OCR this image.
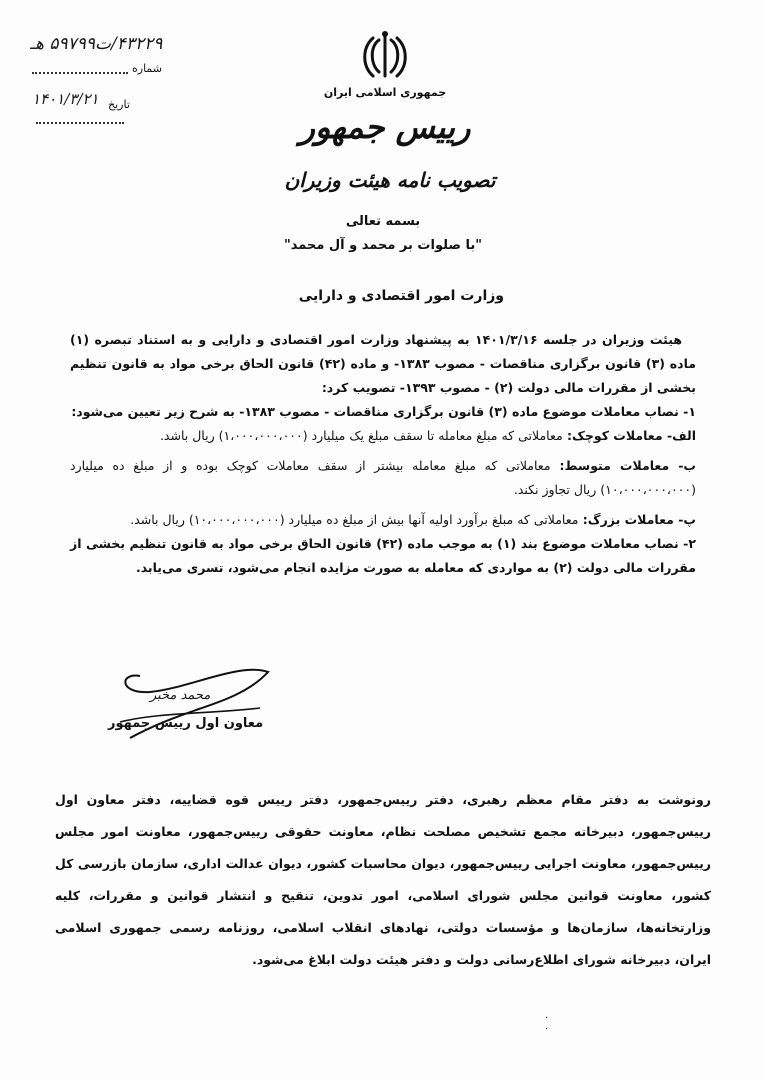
۴۳۲۲۹/ت۵۹۷۹۹ هـ
شماره
۱۴۰۱/۳/۲۱ تاریخ
جمهوری اسلامی ایران
رییس جمهور
تصویب نامه هیئت وزیران
بسمه تعالی
"با صلوات بر محمد و آل محمد"
وزارت امور اقتصادی و دارایی

هیئت وزیران در جلسه ۱۴۰۱/۳/۱۶ به پیشنهاد وزارت امور اقتصادی و دارایی و به استناد تبصره (۱) ماده (۳) قانون برگزاری مناقصات - مصوب ۱۳۸۳- و ماده (۴۲) قانون الحاق برخی مواد به قانون تنظیم بخشی از مقررات مالی دولت (۲) - مصوب ۱۳۹۳- تصویب کرد:

۱- نصاب معاملات موضوع ماده (۳) قانون برگزاری مناقصات - مصوب ۱۳۸۳- به شرح زیر تعیین می‌شود:

الف- معاملات کوچک: معاملاتی که مبلغ معامله تا سقف مبلغ یک میلیارد (۱،۰۰۰،۰۰۰،۰۰۰) ریال باشد.

ب- معاملات متوسط: معاملاتی که مبلغ معامله بیشتر از سقف معاملات کوچک بوده و از مبلغ ده میلیارد (۱۰،۰۰۰،۰۰۰،۰۰۰) ریال تجاوز نکند.

پ- معاملات بزرگ: معاملاتی که مبلغ برآورد اولیه آنها بیش از مبلغ ده میلیارد (۱۰،۰۰۰،۰۰۰،۰۰۰) ریال باشد.

۲- نصاب معاملات موضوع بند (۱) به موجب ماده (۴۲) قانون الحاق برخی مواد به قانون تنظیم بخشی از مقررات مالی دولت (۲) به مواردی که معامله به صورت مزایده انجام می‌شود، تسری می‌یابد.

محمد مخبر
معاون اول رییس جمهور
رونوشت به دفتر مقام معظم رهبری، دفتر رییس‌جمهور، دفتر رییس قوه قضاییه، دفتر معاون اول رییس‌جمهور، دبیرخانه مجمع تشخیص مصلحت نظام، معاونت حقوقی رییس‌جمهور، معاونت امور مجلس رییس‌جمهور، معاونت اجرایی رییس‌جمهور، دیوان محاسبات کشور، دیوان عدالت اداری، سازمان بازرسی کل کشور، معاونت قوانین مجلس شورای اسلامی، امور تدوین، تنقیح و انتشار قوانین و مقررات، کلیه وزارتخانه‌ها، سازمان‌ها و مؤسسات دولتی، نهادهای انقلاب اسلامی، روزنامه رسمی جمهوری اسلامی ایران، دبیرخانه شورای اطلاع‌رسانی دولت و دفتر هیئت دولت ابلاغ می‌شود.
٠
٠
